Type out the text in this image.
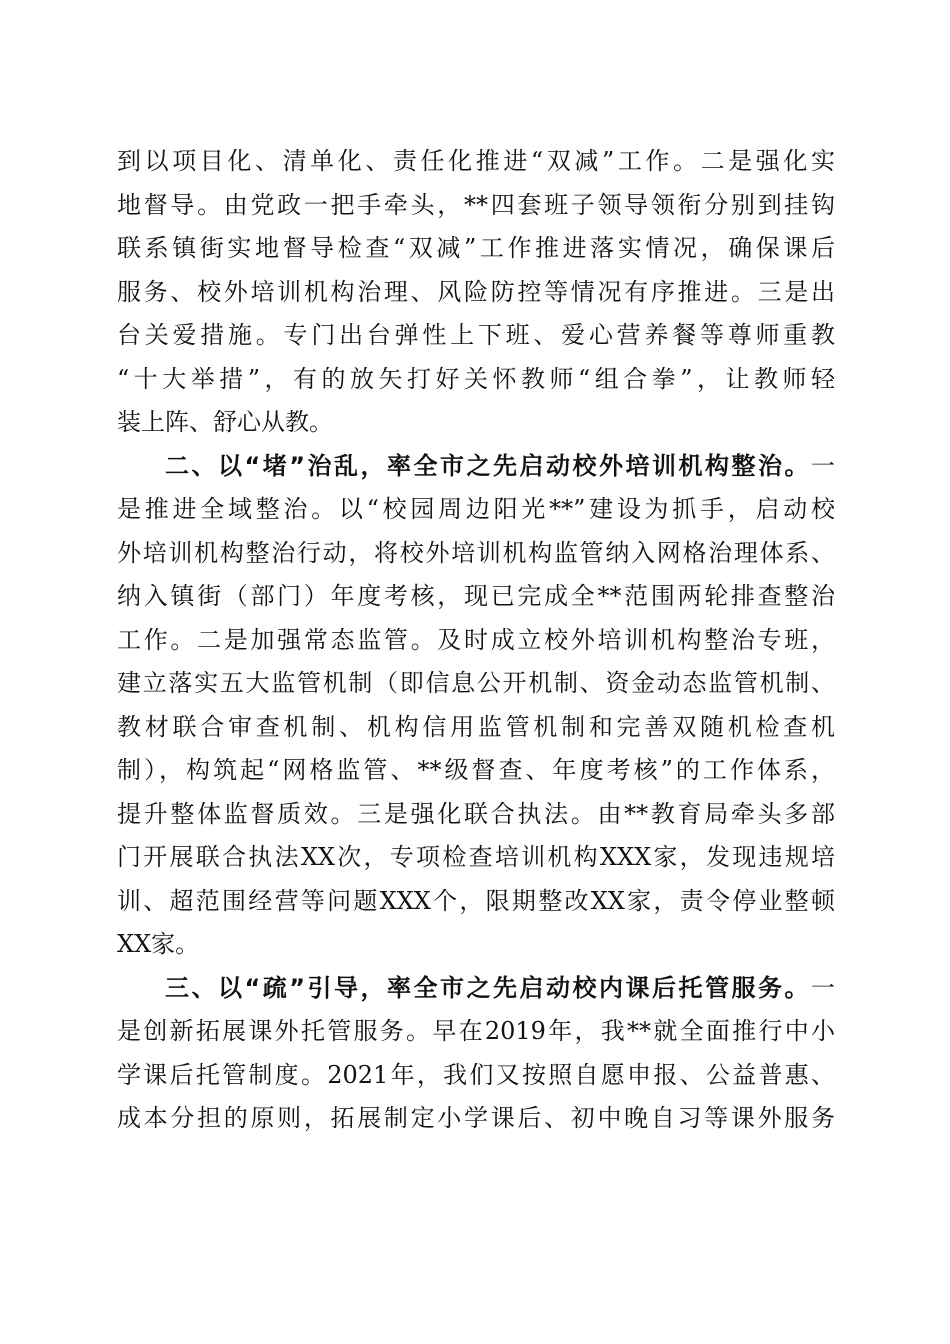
到以项目化、清单化、责任化推进“双减”工作。二是强化实
地督导。由党政一把手牵头，**四套班子领导领衔分别到挂钩
联系镇街实地督导检查“双减”工作推进落实情况，确保课后
服务、校外培训机构治理、风险防控等情况有序推进。三是出
台关爱措施。专门出台弹性上下班、爱心营养餐等尊师重教
“十大举措”，有的放矢打好关怀教师“组合拳”，让教师轻
装上阵、舒心从教。
二、以“堵”治乱，率全市之先启动校外培训机构整治。一
是推进全域整治。以“校园周边阳光**”建设为抓手，启动校
外培训机构整治行动，将校外培训机构监管纳入网格治理体系、
纳入镇街（部门）年度考核，现已完成全**范围两轮排查整治
工作。二是加强常态监管。及时成立校外培训机构整治专班，
建立落实五大监管机制（即信息公开机制、资金动态监管机制、
教材联合审查机制、机构信用监管机制和完善双随机检查机
制），构筑起“网格监管、**级督查、年度考核”的工作体系，
提升整体监督质效。三是强化联合执法。由**教育局牵头多部
门开展联合执法XX次，专项检查培训机构XXX家，发现违规培
训、超范围经营等问题XXX个，限期整改XX家，责令停业整顿
XX家。
三、以“疏”引导，率全市之先启动校内课后托管服务。一
是创新拓展课外托管服务。早在2019年，我**就全面推行中小
学课后托管制度。2021年，我们又按照自愿申报、公益普惠、
成本分担的原则，拓展制定小学课后、初中晚自习等课外服务
